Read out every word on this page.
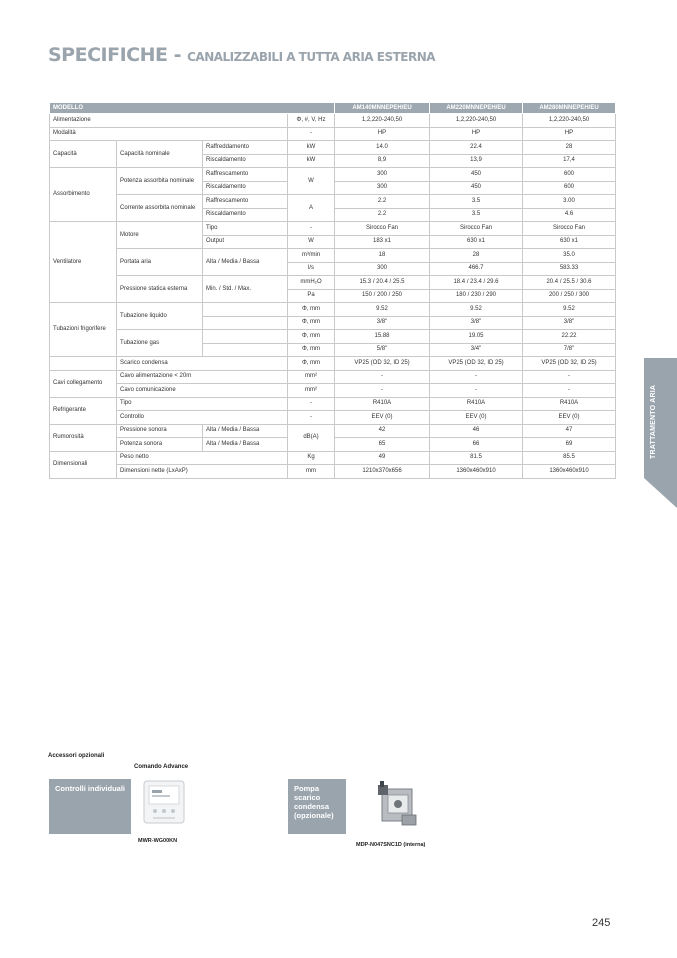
SPECIFICHE - CANALIZZABILI A TUTTA ARIA ESTERNA
MODELLO				AM140MNNEPEH/EU	AM220MNNEPEH/EU	AM280MNNEPEH/EU
Alimentazione			Φ, #, V, Hz	1,2,220-240,50	1,2,220-240,50	1,2,220-240,50
Modalità			-	HP	HP	HP
Capacità	Capacità nominale	Raffreddamento	kW	14.0	22.4	28
		Riscaldamento	kW	8,9	13,9	17,4
Assorbimento	Potenza assorbita nominale	Raffrescamento	W	300	450	600
		Riscaldamento		300	450	600
	Corrente assorbita nominale	Raffrescamento	A	2.2	3.5	3.00
		Riscaldamento		2.2	3.5	4.6
Ventilatore	Motore	Tipo	-	Sirocco Fan	Sirocco Fan	Sirocco Fan
		Output	W	183 x1	630 x1	630 x1
	Portata aria	Alta / Media / Bassa	m³/min	18	28	35.0
			l/s	300	466.7	583.33
	Pressione statica esterna	Min. / Std. / Max.	mmH₂O	15.3 / 20.4 / 25.5	18.4 / 23.4 / 29.6	20.4 / 25.5 / 30.6
			Pa	150 / 200 / 250	180 / 230 / 290	200 / 250 / 300
Tubazioni frigorifere	Tubazione liquido		Φ, mm	9.52	9.52	9.52
			Φ, mm	3/8"	3/8"	3/8"
	Tubazione gas		Φ, mm	15.88	19.05	22.22
			Φ, mm	5/8"	3/4"	7/8"
	Scarico condensa		Φ, mm	VP25 (OD 32, ID 25)	VP25 (OD 32, ID 25)	VP25 (OD 32, ID 25)
Cavi collegamento	Cavo alimentazione < 20m		mm²	-	-	-
	Cavo comunicazione		mm²	-	-	-
Refrigerante	Tipo		-	R410A	R410A	R410A
	Controllo		-	EEV (0)	EEV (0)	EEV (0)
Rumorosità	Pressione sonora	Alta / Media / Bassa	dB(A)	42	46	47
	Potenza sonora	Alta / Media / Bassa		65	66	69
Dimensionali	Peso netto		Kg	49	81.5	85.5
	Dimensioni nette (LxAxP)		mm	1210x370x656	1360x460x910	1360x460x910
TRATTAMENTO ARIA
Accessori opzionali
Comando Advance
Controlli individuali	Pompa scarico condensa (opzionale)
MWR-WG00KN
MDP-N047SNC1D (interna)
245
